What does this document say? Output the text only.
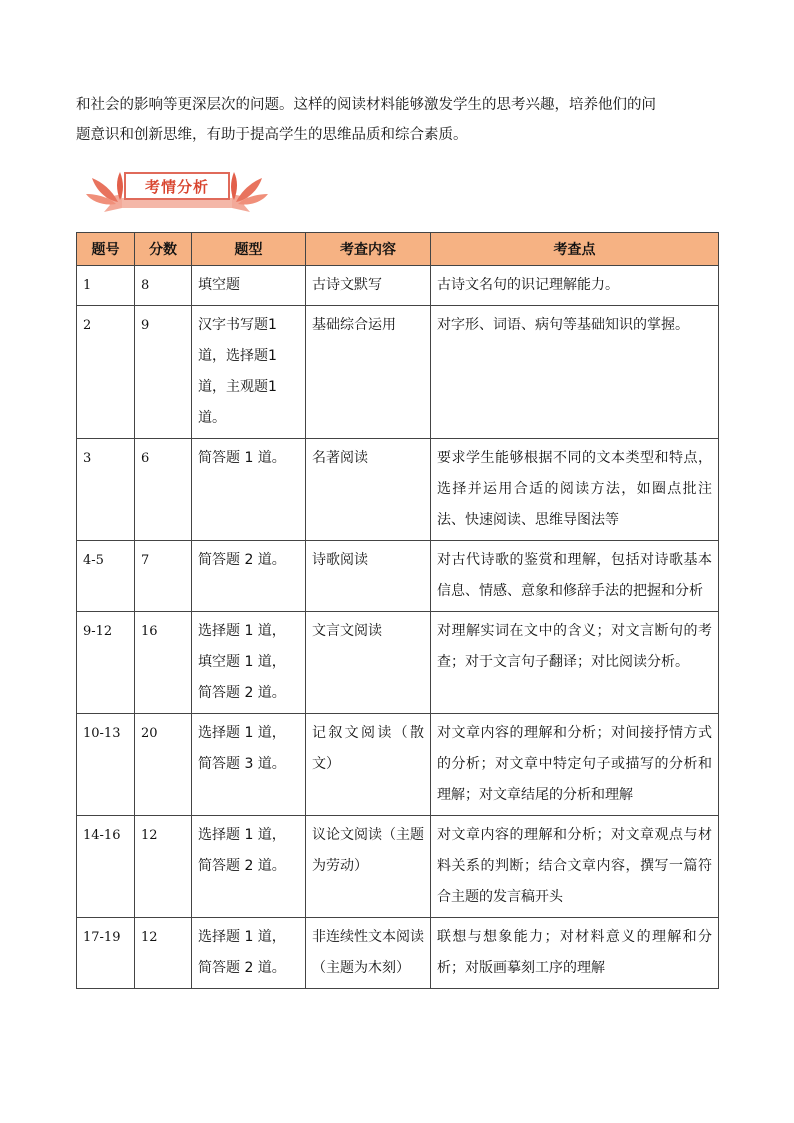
和社会的影响等更深层次的问题。这样的阅读材料能够激发学生的思考兴趣，培养他们的问

题意识和创新思维，有助于提高学生的思维品质和综合素质。

考情分析
题号	分数	题型	考查内容	考查点
1	8	填空题	古诗文默写	古诗文名句的识记理解能力。
2	9	汉字书写题1道，选择题1道，主观题1道。	基础综合运用	对字形、词语、病句等基础知识的掌握。
3	6	简答题 1 道。	名著阅读	要求学生能够根据不同的文本类型和特点，选择并运用合适的阅读方法，如圈点批注法、快速阅读、思维导图法等
4-5	7	简答题 2 道。	诗歌阅读	对古代诗歌的鉴赏和理解，包括对诗歌基本信息、情感、意象和修辞手法的把握和分析
9-12	16	选择题 1 道，填空题 1 道，简答题 2 道。	文言文阅读	对理解实词在文中的含义；对文言断句的考查；对于文言句子翻译；对比阅读分析。
10-13	20	选择题 1 道，简答题 3 道。	记叙文阅读（散文）	对文章内容的理解和分析；对间接抒情方式的分析；对文章中特定句子或描写的分析和理解；对文章结尾的分析和理解
14-16	12	选择题 1 道，简答题 2 道。	议论文阅读（主题为劳动）	对文章内容的理解和分析；对文章观点与材料关系的判断；结合文章内容，撰写一篇符合主题的发言稿开头
17-19	12	选择题 1 道，简答题 2 道。	非连续性文本阅读（主题为木刻）	联想与想象能力；对材料意义的理解和分析；对版画摹刻工序的理解
